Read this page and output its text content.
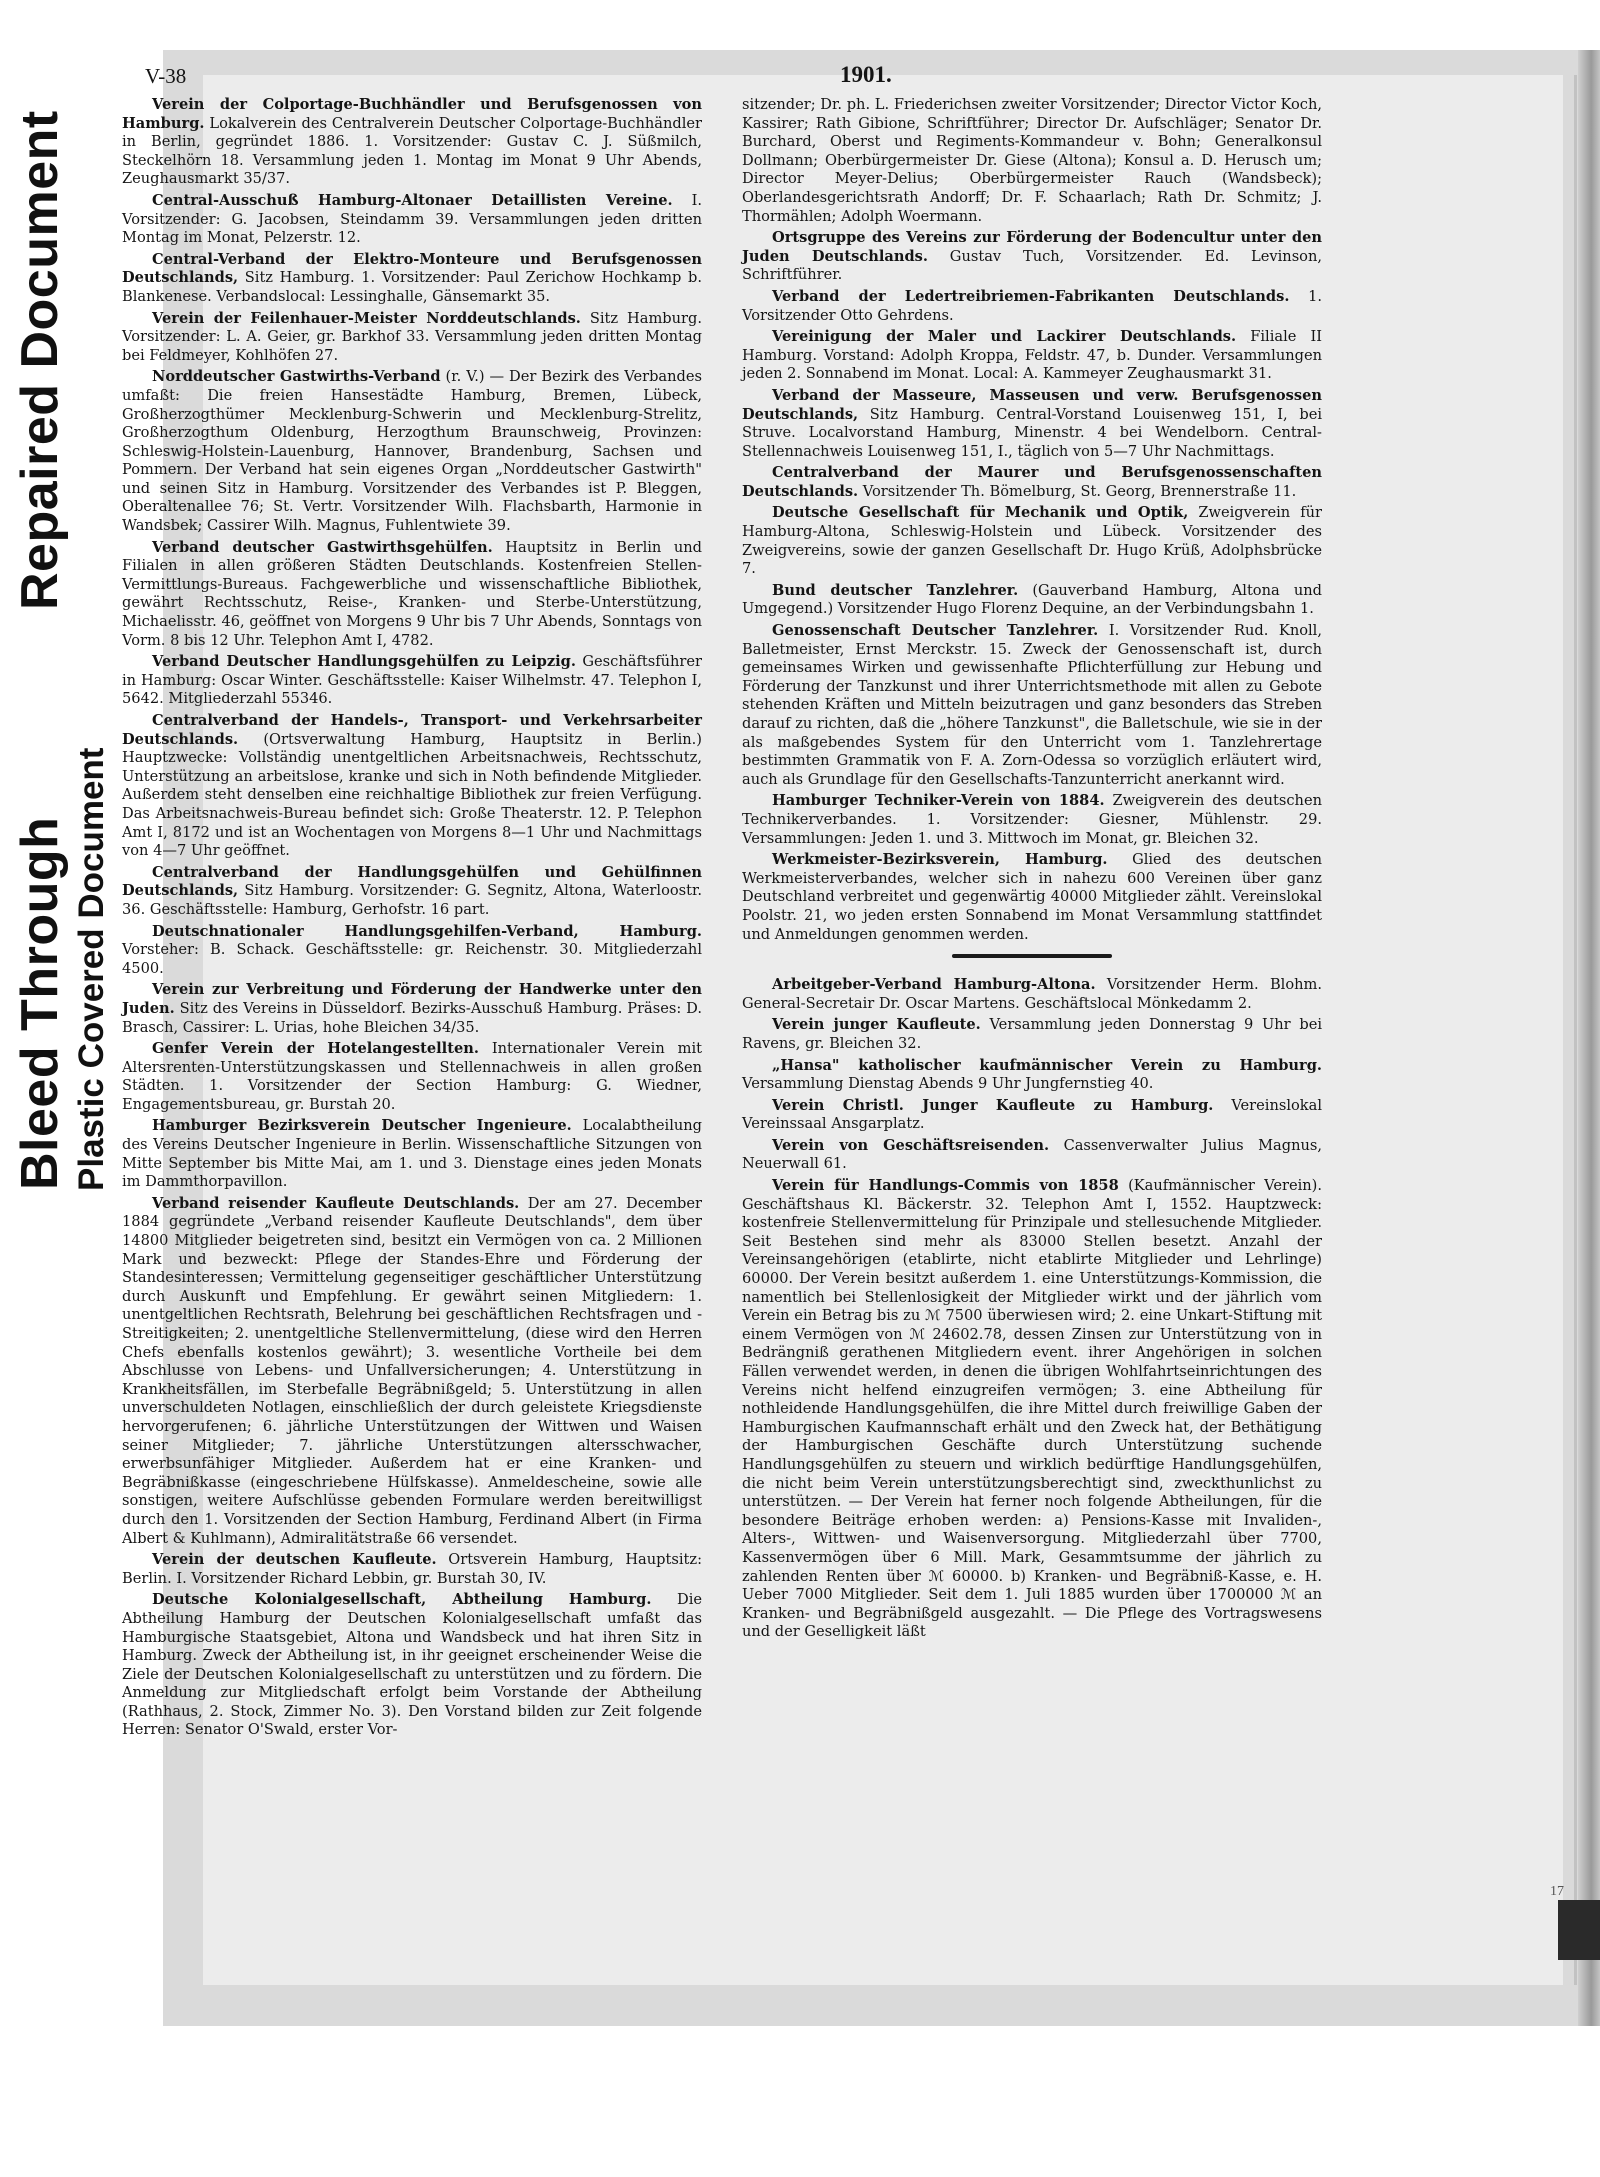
Bleed Through
Repaired Document
Plastic Covered Document
V-38	1901.

Verein der Colportage-Buchhändler und Berufsgenossen von Hamburg. Lokalverein des Centralverein Deutscher Colportage-Buchhändler in Berlin, gegründet 1886. 1. Vorsitzender: Gustav C. J. Süßmilch, Steckelhörn 18. Versammlung jeden 1. Montag im Monat 9 Uhr Abends, Zeughausmarkt 35/37.

Central-Ausschuß Hamburg-Altonaer Detaillisten Vereine. I. Vorsitzender: G. Jacobsen, Steindamm 39. Versammlungen jeden dritten Montag im Monat, Pelzerstr. 12.

Central-Verband der Elektro-Monteure und Berufsgenossen Deutschlands, Sitz Hamburg. 1. Vorsitzender: Paul Zerichow Hochkamp b. Blankenese. Verbandslocal: Lessinghalle, Gänsemarkt 35.

Verein der Feilenhauer-Meister Norddeutschlands. Sitz Hamburg. Vorsitzender: L. A. Geier, gr. Barkhof 33. Versammlung jeden dritten Montag bei Feldmeyer, Kohlhöfen 27.

Norddeutscher Gastwirths-Verband (r. V.) — Der Bezirk des Verbandes umfaßt: Die freien Hansestädte Hamburg, Bremen, Lübeck, Großherzogthümer Mecklenburg-Schwerin und Mecklenburg-Strelitz, Großherzogthum Oldenburg, Herzogthum Braunschweig, Provinzen: Schleswig-Holstein-Lauenburg, Hannover, Brandenburg, Sachsen und Pommern. Der Verband hat sein eigenes Organ „Norddeutscher Gastwirth" und seinen Sitz in Hamburg. Vorsitzender des Verbandes ist P. Bleggen, Oberaltenallee 76; St. Vertr. Vorsitzender Wilh. Flachsbarth, Harmonie in Wandsbek; Cassirer Wilh. Magnus, Fuhlentwiete 39.

Verband deutscher Gastwirthsgehülfen. Hauptsitz in Berlin und Filialen in allen größeren Städten Deutschlands. Kostenfreien Stellen-Vermittlungs-Bureaus. Fachgewerbliche und wissenschaftliche Bibliothek, gewährt Rechtsschutz, Reise-, Kranken- und Sterbe-Unterstützung, Michaelisstr. 46, geöffnet von Morgens 9 Uhr bis 7 Uhr Abends, Sonntags von Vorm. 8 bis 12 Uhr. Telephon Amt I, 4782.

Verband Deutscher Handlungsgehülfen zu Leipzig. Geschäftsführer in Hamburg: Oscar Winter. Geschäftsstelle: Kaiser Wilhelmstr. 47. Telephon I, 5642. Mitgliederzahl 55346.

Centralverband der Handels-, Transport- und Verkehrsarbeiter Deutschlands. (Ortsverwaltung Hamburg, Hauptsitz in Berlin.) Hauptzwecke: Vollständig unentgeltlichen Arbeitsnachweis, Rechtsschutz, Unterstützung an arbeitslose, kranke und sich in Noth befindende Mitglieder. Außerdem steht denselben eine reichhaltige Bibliothek zur freien Verfügung. Das Arbeitsnachweis-Bureau befindet sich: Große Theaterstr. 12. P. Telephon Amt I, 8172 und ist an Wochentagen von Morgens 8—1 Uhr und Nachmittags von 4—7 Uhr geöffnet.

Centralverband der Handlungsgehülfen und Gehülfinnen Deutschlands, Sitz Hamburg. Vorsitzender: G. Segnitz, Altona, Waterloostr. 36. Geschäftsstelle: Hamburg, Gerhofstr. 16 part.

Deutschnationaler Handlungsgehilfen-Verband, Hamburg. Vorsteher: B. Schack. Geschäftsstelle: gr. Reichenstr. 30. Mitgliederzahl 4500.

Verein zur Verbreitung und Förderung der Handwerke unter den Juden. Sitz des Vereins in Düsseldorf. Bezirks-Ausschuß Hamburg. Präses: D. Brasch, Cassirer: L. Urias, hohe Bleichen 34/35.

Genfer Verein der Hotelangestellten. Internationaler Verein mit Altersrenten-Unterstützungskassen und Stellennachweis in allen großen Städten. 1. Vorsitzender der Section Hamburg: G. Wiedner, Engagementsbureau, gr. Burstah 20.

Hamburger Bezirksverein Deutscher Ingenieure. Localabtheilung des Vereins Deutscher Ingenieure in Berlin. Wissenschaftliche Sitzungen von Mitte September bis Mitte Mai, am 1. und 3. Dienstage eines jeden Monats im Dammthorpavillon.

Verband reisender Kaufleute Deutschlands. Der am 27. December 1884 gegründete „Verband reisender Kaufleute Deutschlands", dem über 14800 Mitglieder beigetreten sind, besitzt ein Vermögen von ca. 2 Millionen Mark und bezweckt: Pflege der Standes-Ehre und Förderung der Standesinteressen; Vermittelung gegenseitiger geschäftlicher Unterstützung durch Auskunft und Empfehlung. Er gewährt seinen Mitgliedern: 1. unentgeltlichen Rechtsrath, Belehrung bei geschäftlichen Rechtsfragen und -Streitigkeiten; 2. unentgeltliche Stellenvermittelung, (diese wird den Herren Chefs ebenfalls kostenlos gewährt); 3. wesentliche Vortheile bei dem Abschlusse von Lebens- und Unfallversicherungen; 4. Unterstützung in Krankheitsfällen, im Sterbefalle Begräbnißgeld; 5. Unterstützung in allen unverschuldeten Notlagen, einschließlich der durch geleistete Kriegsdienste hervorgerufenen; 6. jährliche Unterstützungen der Wittwen und Waisen seiner Mitglieder; 7. jährliche Unterstützungen altersschwacher, erwerbsunfähiger Mitglieder. Außerdem hat er eine Kranken- und Begräbnißkasse (eingeschriebene Hülfskasse). Anmeldescheine, sowie alle sonstigen, weitere Aufschlüsse gebenden Formulare werden bereitwilligst durch den 1. Vorsitzenden der Section Hamburg, Ferdinand Albert (in Firma Albert & Kuhlmann), Admiralitätstraße 66 versendet.

Verein der deutschen Kaufleute. Ortsverein Hamburg, Hauptsitz: Berlin. I. Vorsitzender Richard Lebbin, gr. Burstah 30, IV.

Deutsche Kolonialgesellschaft, Abtheilung Hamburg. Die Abtheilung Hamburg der Deutschen Kolonialgesellschaft umfaßt das Hamburgische Staatsgebiet, Altona und Wandsbeck und hat ihren Sitz in Hamburg. Zweck der Abtheilung ist, in ihr geeignet erscheinender Weise die Ziele der Deutschen Kolonialgesellschaft zu unterstützen und zu fördern. Die Anmeldung zur Mitgliedschaft erfolgt beim Vorstande der Abtheilung (Rathhaus, 2. Stock, Zimmer No. 3). Den Vorstand bilden zur Zeit folgende Herren: Senator O'Swald, erster Vor-

sitzender; Dr. ph. L. Friederichsen zweiter Vorsitzender; Director Victor Koch, Kassirer; Rath Gibione, Schriftführer; Director Dr. Aufschläger; Senator Dr. Burchard, Oberst und Regiments-Kommandeur v. Bohn; Generalkonsul Dollmann; Oberbürgermeister Dr. Giese (Altona); Konsul a. D. Herusch um; Director Meyer-Delius; Oberbürgermeister Rauch (Wandsbeck); Oberlandesgerichtsrath Andorff; Dr. F. Schaarlach; Rath Dr. Schmitz; J. Thormählen; Adolph Woermann.

Ortsgruppe des Vereins zur Förderung der Bodencultur unter den Juden Deutschlands. Gustav Tuch, Vorsitzender. Ed. Levinson, Schriftführer.

Verband der Ledertreibriemen-Fabrikanten Deutschlands. 1. Vorsitzender Otto Gehrdens.

Vereinigung der Maler und Lackirer Deutschlands. Filiale II Hamburg. Vorstand: Adolph Kroppa, Feldstr. 47, b. Dunder. Versammlungen jeden 2. Sonnabend im Monat. Local: A. Kammeyer Zeughausmarkt 31.

Verband der Masseure, Masseusen und verw. Berufsgenossen Deutschlands, Sitz Hamburg. Central-Vorstand Louisenweg 151, I, bei Struve. Localvorstand Hamburg, Minenstr. 4 bei Wendelborn. Central-Stellennachweis Louisenweg 151, I., täglich von 5—7 Uhr Nachmittags.

Centralverband der Maurer und Berufsgenossenschaften Deutschlands. Vorsitzender Th. Bömelburg, St. Georg, Brennerstraße 11.

Deutsche Gesellschaft für Mechanik und Optik, Zweigverein für Hamburg-Altona, Schleswig-Holstein und Lübeck. Vorsitzender des Zweigvereins, sowie der ganzen Gesellschaft Dr. Hugo Krüß, Adolphsbrücke 7.

Bund deutscher Tanzlehrer. (Gauverband Hamburg, Altona und Umgegend.) Vorsitzender Hugo Florenz Dequine, an der Verbindungsbahn 1.

Genossenschaft Deutscher Tanzlehrer. I. Vorsitzender Rud. Knoll, Balletmeister, Ernst Merckstr. 15. Zweck der Genossenschaft ist, durch gemeinsames Wirken und gewissenhafte Pflichterfüllung zur Hebung und Förderung der Tanzkunst und ihrer Unterrichtsmethode mit allen zu Gebote stehenden Kräften und Mitteln beizutragen und ganz besonders das Streben darauf zu richten, daß die „höhere Tanzkunst", die Balletschule, wie sie in der als maßgebendes System für den Unterricht vom 1. Tanzlehrertage bestimmten Grammatik von F. A. Zorn-Odessa so vorzüglich erläutert wird, auch als Grundlage für den Gesellschafts-Tanzunterricht anerkannt wird.

Hamburger Techniker-Verein von 1884. Zweigverein des deutschen Technikerverbandes. 1. Vorsitzender: Giesner, Mühlenstr. 29. Versammlungen: Jeden 1. und 3. Mittwoch im Monat, gr. Bleichen 32.

Werkmeister-Bezirksverein, Hamburg. Glied des deutschen Werkmeisterverbandes, welcher sich in nahezu 600 Vereinen über ganz Deutschland verbreitet und gegenwärtig 40000 Mitglieder zählt. Vereinslokal Poolstr. 21, wo jeden ersten Sonnabend im Monat Versammlung stattfindet und Anmeldungen genommen werden.

Arbeitgeber-Verband Hamburg-Altona. Vorsitzender Herm. Blohm. General-Secretair Dr. Oscar Martens. Geschäftslocal Mönkedamm 2.

Verein junger Kaufleute. Versammlung jeden Donnerstag 9 Uhr bei Ravens, gr. Bleichen 32.

„Hansa" katholischer kaufmännischer Verein zu Hamburg. Versammlung Dienstag Abends 9 Uhr Jungfernstieg 40.

Verein Christl. Junger Kaufleute zu Hamburg. Vereinslokal Vereinssaal Ansgarplatz.

Verein von Geschäftsreisenden. Cassenverwalter Julius Magnus, Neuerwall 61.

Verein für Handlungs-Commis von 1858 (Kaufmännischer Verein). Geschäftshaus Kl. Bäckerstr. 32. Telephon Amt I, 1552. Hauptzweck: kostenfreie Stellenvermittelung für Prinzipale und stellesuchende Mitglieder. Seit Bestehen sind mehr als 83000 Stellen besetzt. Anzahl der Vereinsangehörigen (etablirte, nicht etablirte Mitglieder und Lehrlinge) 60000. Der Verein besitzt außerdem 1. eine Unterstützungs-Kommission, die namentlich bei Stellenlosigkeit der Mitglieder wirkt und der jährlich vom Verein ein Betrag bis zu ℳ 7500 überwiesen wird; 2. eine Unkart-Stiftung mit einem Vermögen von ℳ 24602.78, dessen Zinsen zur Unterstützung von in Bedrängniß gerathenen Mitgliedern event. ihrer Angehörigen in solchen Fällen verwendet werden, in denen die übrigen Wohlfahrtseinrichtungen des Vereins nicht helfend einzugreifen vermögen; 3. eine Abtheilung für nothleidende Handlungsgehülfen, die ihre Mittel durch freiwillige Gaben der Hamburgischen Kaufmannschaft erhält und den Zweck hat, der Bethätigung der Hamburgischen Geschäfte durch Unterstützung suchende Handlungsgehülfen zu steuern und wirklich bedürftige Handlungsgehülfen, die nicht beim Verein unterstützungsberechtigt sind, zweckthunlichst zu unterstützen. — Der Verein hat ferner noch folgende Abtheilungen, für die besondere Beiträge erhoben werden: a) Pensions-Kasse mit Invaliden-, Alters-, Wittwen- und Waisenversorgung. Mitgliederzahl über 7700, Kassenvermögen über 6 Mill. Mark, Gesammtsumme der jährlich zu zahlenden Renten über ℳ 60000. b) Kranken- und Begräbniß-Kasse, e. H. Ueber 7000 Mitglieder. Seit dem 1. Juli 1885 wurden über 1700000 ℳ an Kranken- und Begräbnißgeld ausgezahlt. — Die Pflege des Vortragswesens und der Geselligkeit läßt

17
